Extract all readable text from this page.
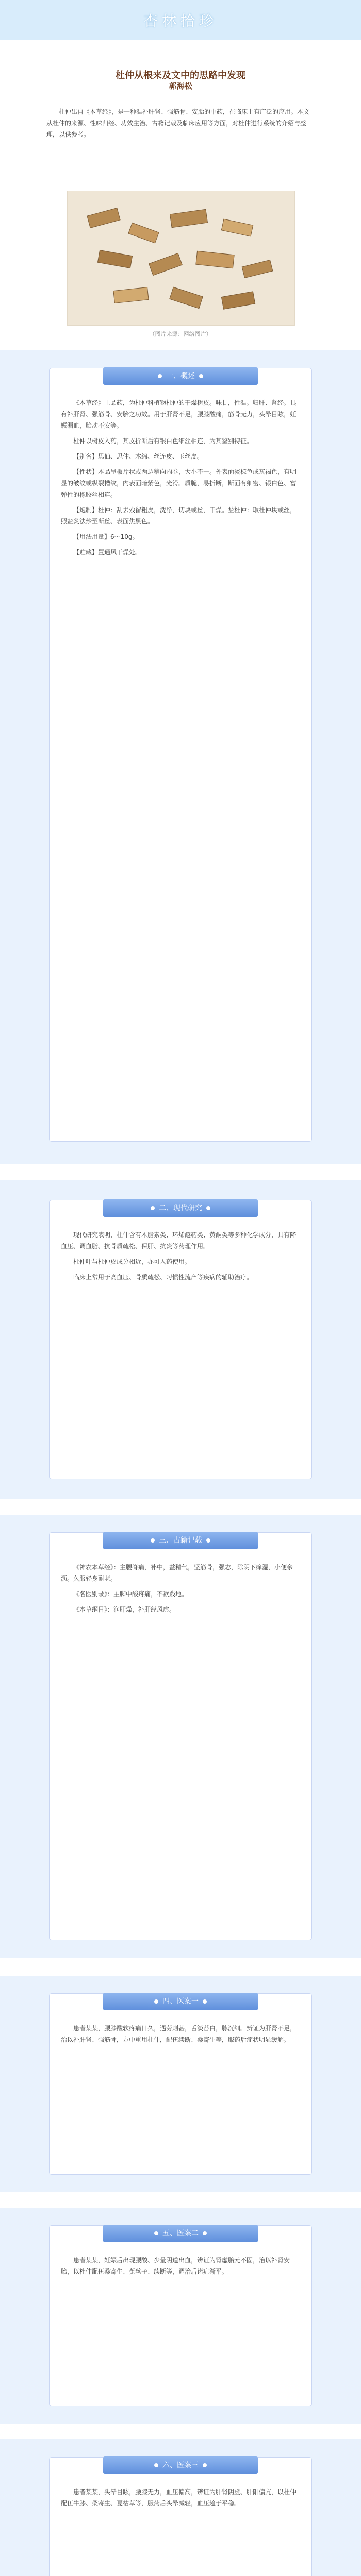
杏林拾珍
杜仲从根来及文中的思路中发现
郭海松

杜仲出自《本草经》，是一种温补肝肾、强筋骨、安胎的中药，在临床上有广泛的应用。本文从杜仲的来源、性味归经、功效主治、古籍记载及临床应用等方面，对杜仲进行系统的介绍与整理，以供参考。

（图片来源：网络图片）
一、概述

《本草经》上品药，为杜仲科植物杜仲的干燥树皮。味甘，性温。归肝、肾经。具有补肝肾、强筋骨、安胎之功效。用于肝肾不足，腰膝酸痛，筋骨无力，头晕目眩，妊娠漏血，胎动不安等。

杜仲以树皮入药，其皮折断后有银白色细丝相连，为其鉴别特征。

【别名】思仙、思仲、木绵、丝连皮、玉丝皮。

【性状】本品呈板片状或两边稍向内卷，大小不一。外表面淡棕色或灰褐色，有明显的皱纹或纵裂槽纹，内表面暗紫色，光滑。质脆，易折断，断面有细密、银白色、富弹性的橡胶丝相连。

【炮制】杜仲：刮去残留粗皮，洗净，切块或丝，干燥。盐杜仲：取杜仲块或丝，照盐炙法炒至断丝、表面焦黑色。

【用法用量】6～10g。

【贮藏】置通风干燥处。

二、现代研究

现代研究表明，杜仲含有木脂素类、环烯醚萜类、黄酮类等多种化学成分，具有降血压、调血脂、抗骨质疏松、保肝、抗炎等药理作用。

杜仲叶与杜仲皮成分相近，亦可入药使用。

临床上常用于高血压、骨质疏松、习惯性流产等疾病的辅助治疗。

三、古籍记载

《神农本草经》：主腰脊痛，补中，益精气，坚筋骨，强志，除阴下痒湿，小便余沥。久服轻身耐老。

《名医别录》：主脚中酸疼痛，不欲践地。

《本草纲目》：润肝燥，补肝经风虚。

四、医案一

患者某某，腰膝酸软疼痛日久，遇劳则甚，舌淡苔白，脉沉细。辨证为肝肾不足，治以补肝肾、强筋骨，方中重用杜仲，配伍续断、桑寄生等，服药后症状明显缓解。

五、医案二

患者某某，妊娠后出现腰酸、少量阴道出血，辨证为肾虚胎元不固，治以补肾安胎，以杜仲配伍桑寄生、菟丝子、续断等，调治后诸症渐平。

六、医案三

患者某某，头晕目眩，腰膝无力，血压偏高，辨证为肝肾阴虚、肝阳偏亢，以杜仲配伍牛膝、桑寄生、夏枯草等，服药后头晕减轻，血压趋于平稳。
